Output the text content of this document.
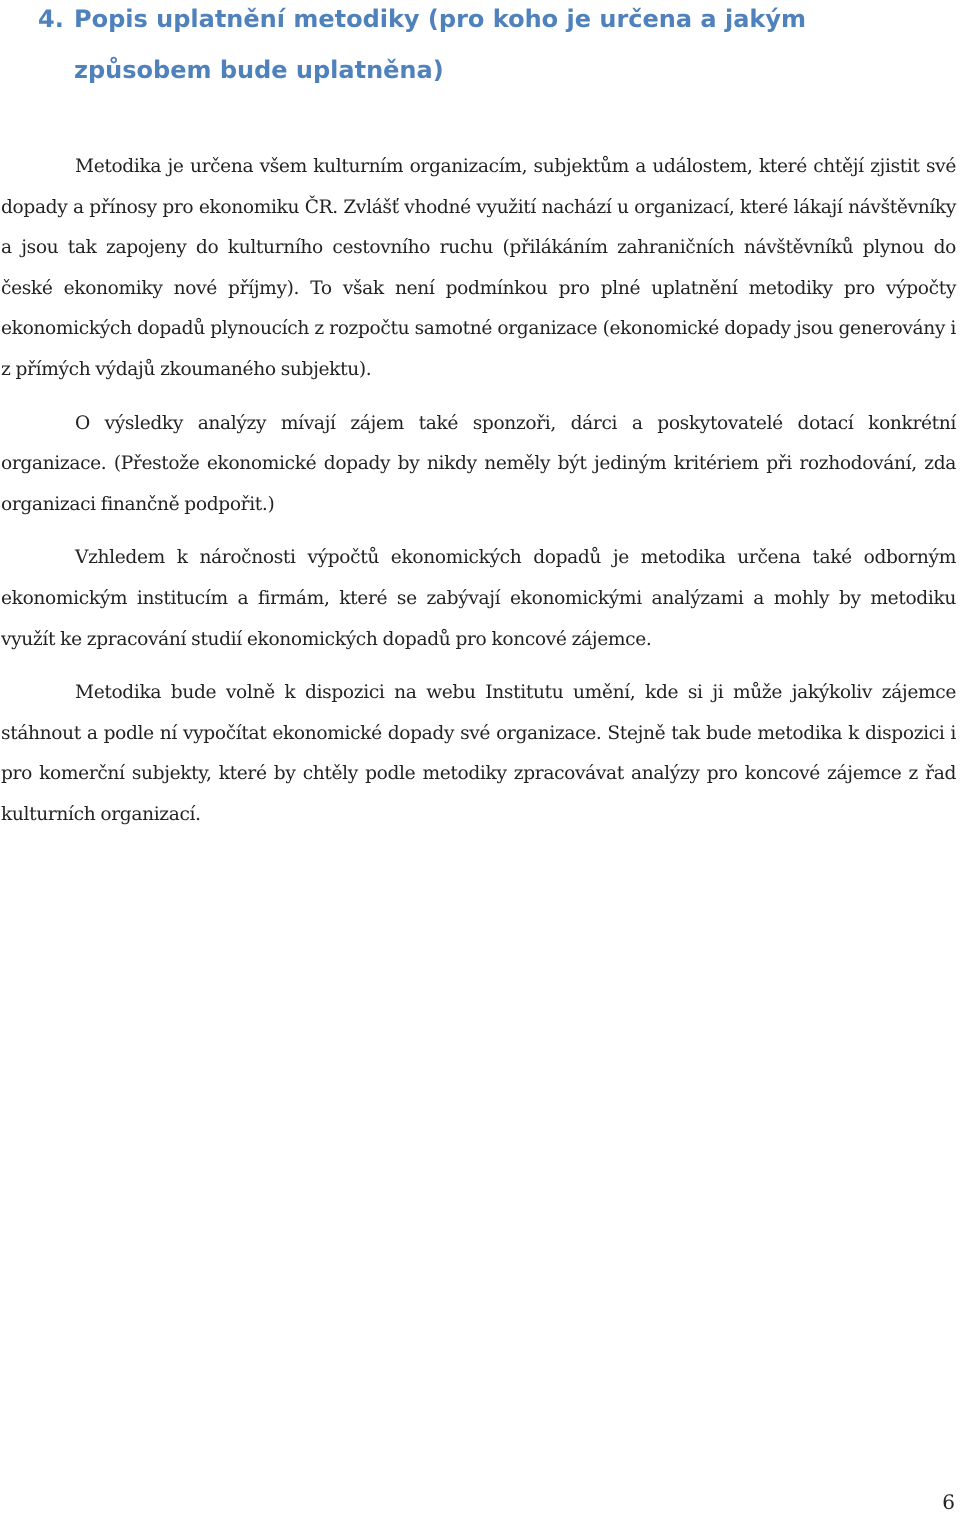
4. Popis uplatnění metodiky (pro koho je určena a jakým
způsobem bude uplatněna)

Metodika je určena všem kulturním organizacím, subjektům a událostem, které chtějí zjistit své dopady a přínosy pro ekonomiku ČR. Zvlášť vhodné využití nachází u organizací, které lákají návštěvníky a jsou tak zapojeny do kulturního cestovního ruchu (přilákáním zahraničních návštěvníků plynou do české ekonomiky nové příjmy). To však není podmínkou pro plné uplatnění metodiky pro výpočty ekonomických dopadů plynoucích z rozpočtu samotné organizace (ekonomické dopady jsou generovány i z přímých výdajů zkoumaného subjektu).

O výsledky analýzy mívají zájem také sponzoři, dárci a poskytovatelé dotací konkrétní organizace. (Přestože ekonomické dopady by nikdy neměly být jediným kritériem při rozhodování, zda organizaci finančně podpořit.)

Vzhledem k náročnosti výpočtů ekonomických dopadů je metodika určena také odborným ekonomickým institucím a firmám, které se zabývají ekonomickými analýzami a mohly by metodiku využít ke zpracování studií ekonomických dopadů pro koncové zájemce.

Metodika bude volně k dispozici na webu Institutu umění, kde si ji může jakýkoliv zájemce stáhnout a podle ní vypočítat ekonomické dopady své organizace. Stejně tak bude metodika k dispozici i pro komerční subjekty, které by chtěly podle metodiky zpracovávat analýzy pro koncové zájemce z řad kulturních organizací.

6
